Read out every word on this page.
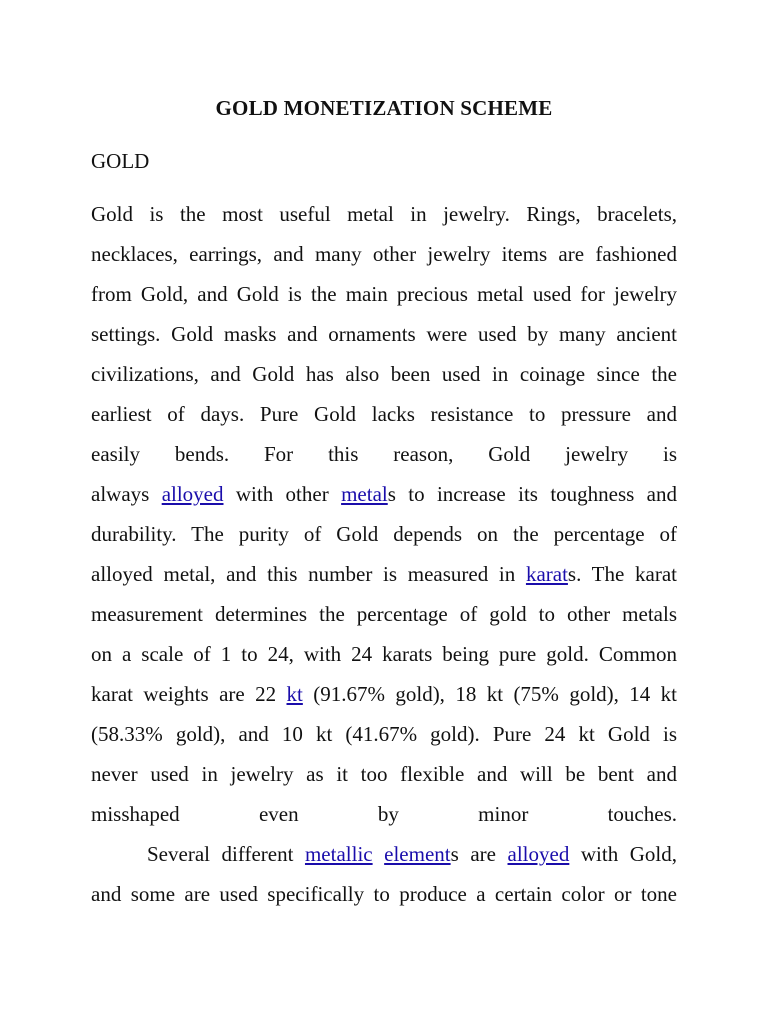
GOLD MONETIZATION SCHEME

GOLD

Gold is the most useful metal in jewelry. Rings, bracelets,

necklaces, earrings, and many other jewelry items are fashioned

from Gold, and Gold is the main precious metal used for jewelry

settings. Gold masks and ornaments were used by many ancient

civilizations, and Gold has also been used in coinage since the

earliest of days. Pure Gold lacks resistance to pressure and

easily bends. For this reason, Gold jewelry is

always alloyed with other metals to increase its toughness and

durability. The purity of Gold depends on the percentage of

alloyed metal, and this number is measured in karats. The karat

measurement determines the percentage of gold to other metals

on a scale of 1 to 24, with 24 karats being pure gold. Common

karat weights are 22 kt (91.67% gold), 18 kt (75% gold), 14 kt

(58.33% gold), and 10 kt (41.67% gold). Pure 24 kt Gold is

never used in jewelry as it too flexible and will be bent and

misshaped even by minor touches.

Several different metallic elements are alloyed with Gold,

and some are used specifically to produce a certain color or tone
